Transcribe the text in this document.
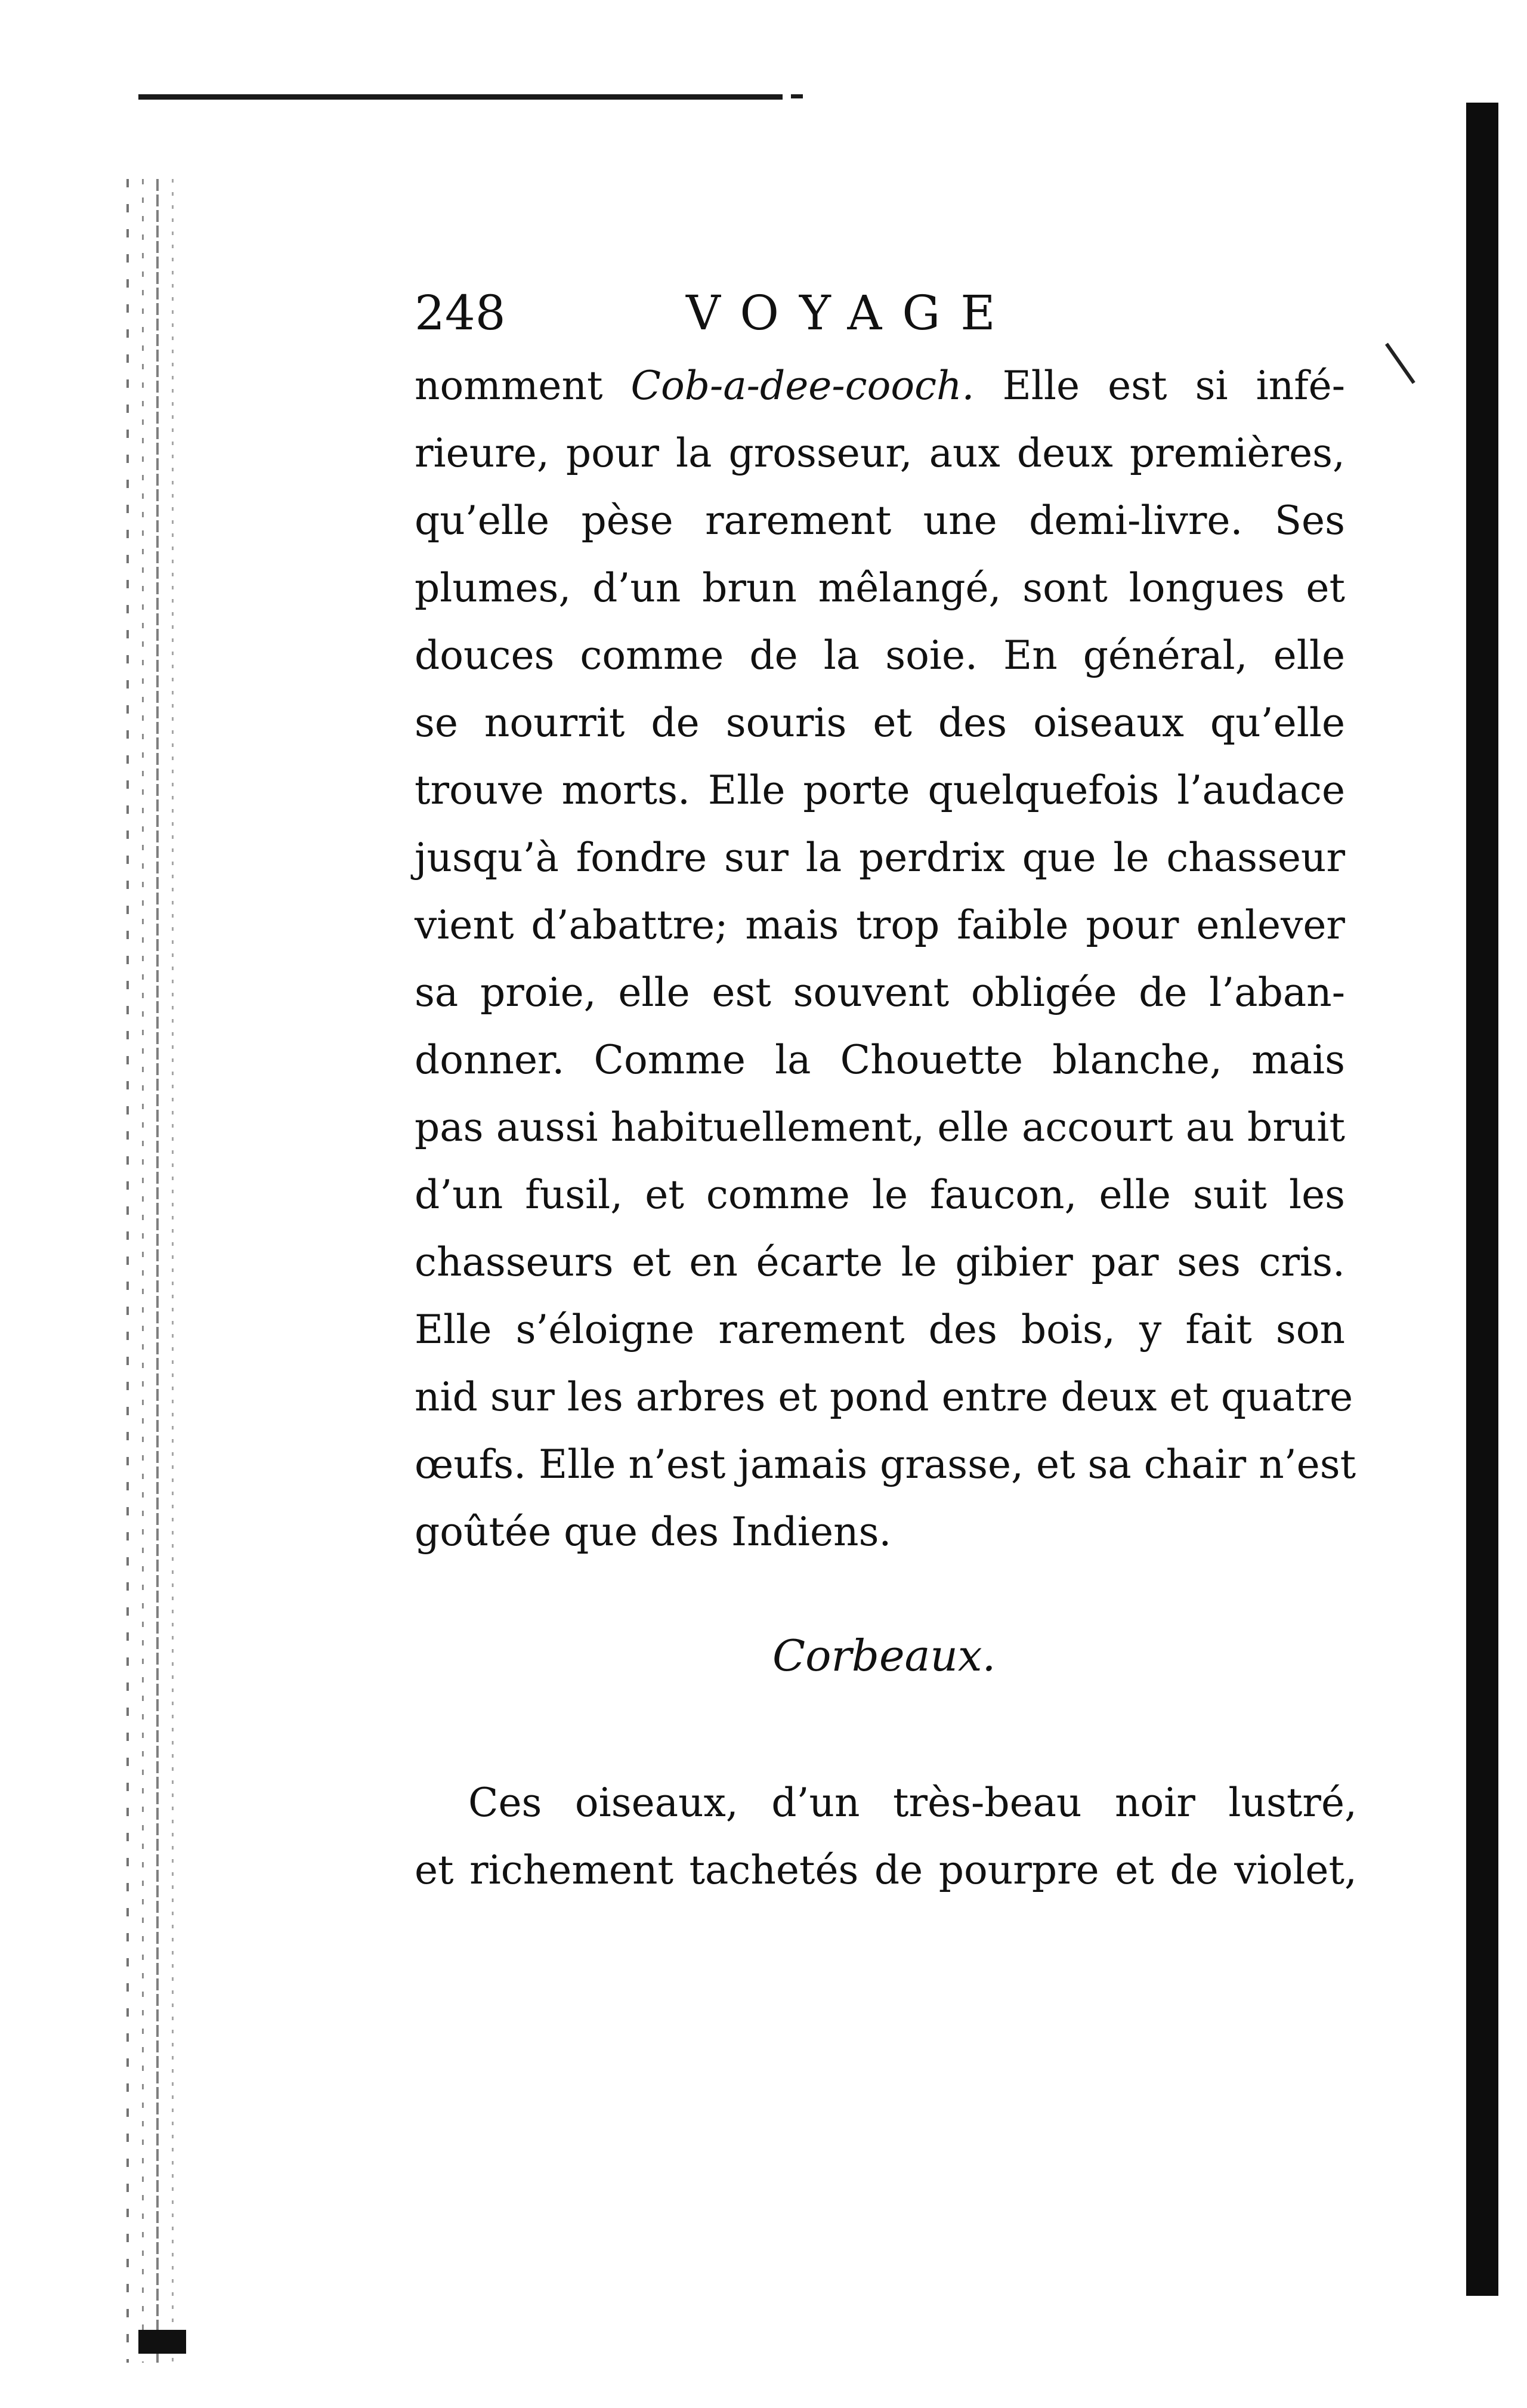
248	VOYAGE
nomment Cob-a-dee-cooch. Elle est si infé-
rieure, pour la grosseur, aux deux premières,
qu’elle pèse rarement une demi-livre. Ses
plumes, d’un brun mêlangé, sont longues et
douces comme de la soie. En général, elle
se nourrit de souris et des oiseaux qu’elle
trouve morts. Elle porte quelquefois l’audace
jusqu’à fondre sur la perdrix que le chasseur
vient d’abattre; mais trop faible pour enlever
sa proie, elle est souvent obligée de l’aban-
donner. Comme la Chouette blanche, mais
pas aussi habituellement, elle accourt au bruit
d’un fusil, et comme le faucon, elle suit les
chasseurs et en écarte le gibier par ses cris.
Elle s’éloigne rarement des bois, y fait son
nid sur les arbres et pond entre deux et quatre
œufs. Elle n’est jamais grasse, et sa chair n’est
goûtée que des Indiens.
Corbeaux.
Ces oiseaux, d’un très-beau noir lustré,
et richement tachetés de pourpre et de violet,
